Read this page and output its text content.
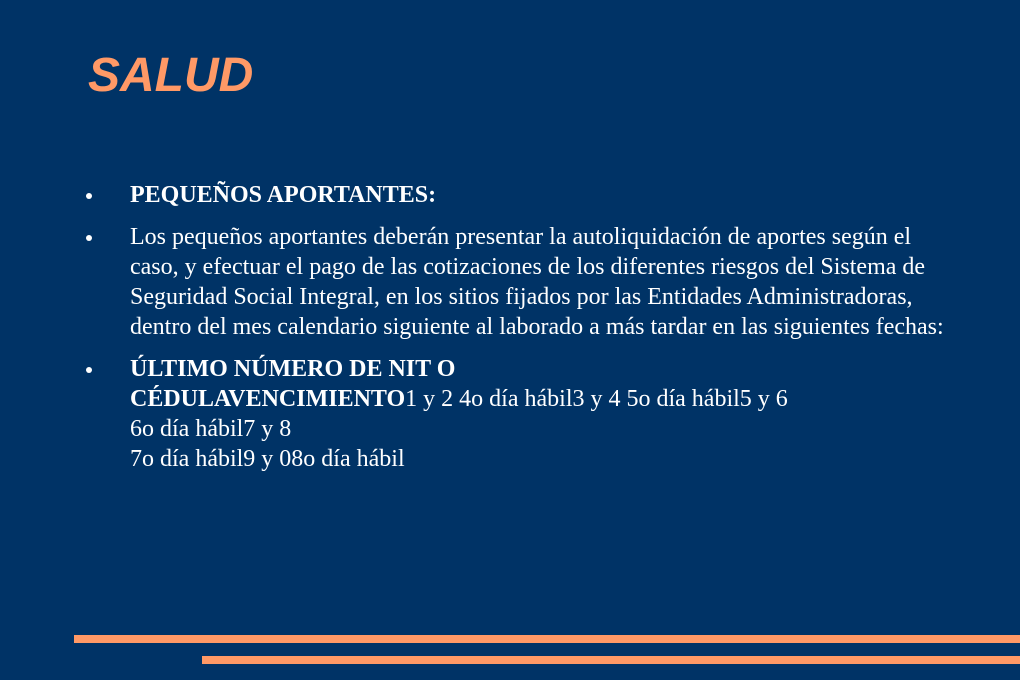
SALUD
PEQUEÑOS APORTANTES:
Los pequeños aportantes deberán presentar la autoliquidación de aportes según el caso, y efectuar el pago de las cotizaciones de los diferentes riesgos del Sistema de Seguridad Social Integral, en los sitios fijados por las Entidades Administradoras, dentro del mes calendario siguiente al laborado a más tardar en las siguientes fechas:
ÚLTIMO NÚMERO DE NIT O
CÉDULAVENCIMIENTO1 y 2 4o día hábil3 y 4 5o día hábil5 y 6
6o día hábil7 y 8
7o día hábil9 y 08o día hábil
